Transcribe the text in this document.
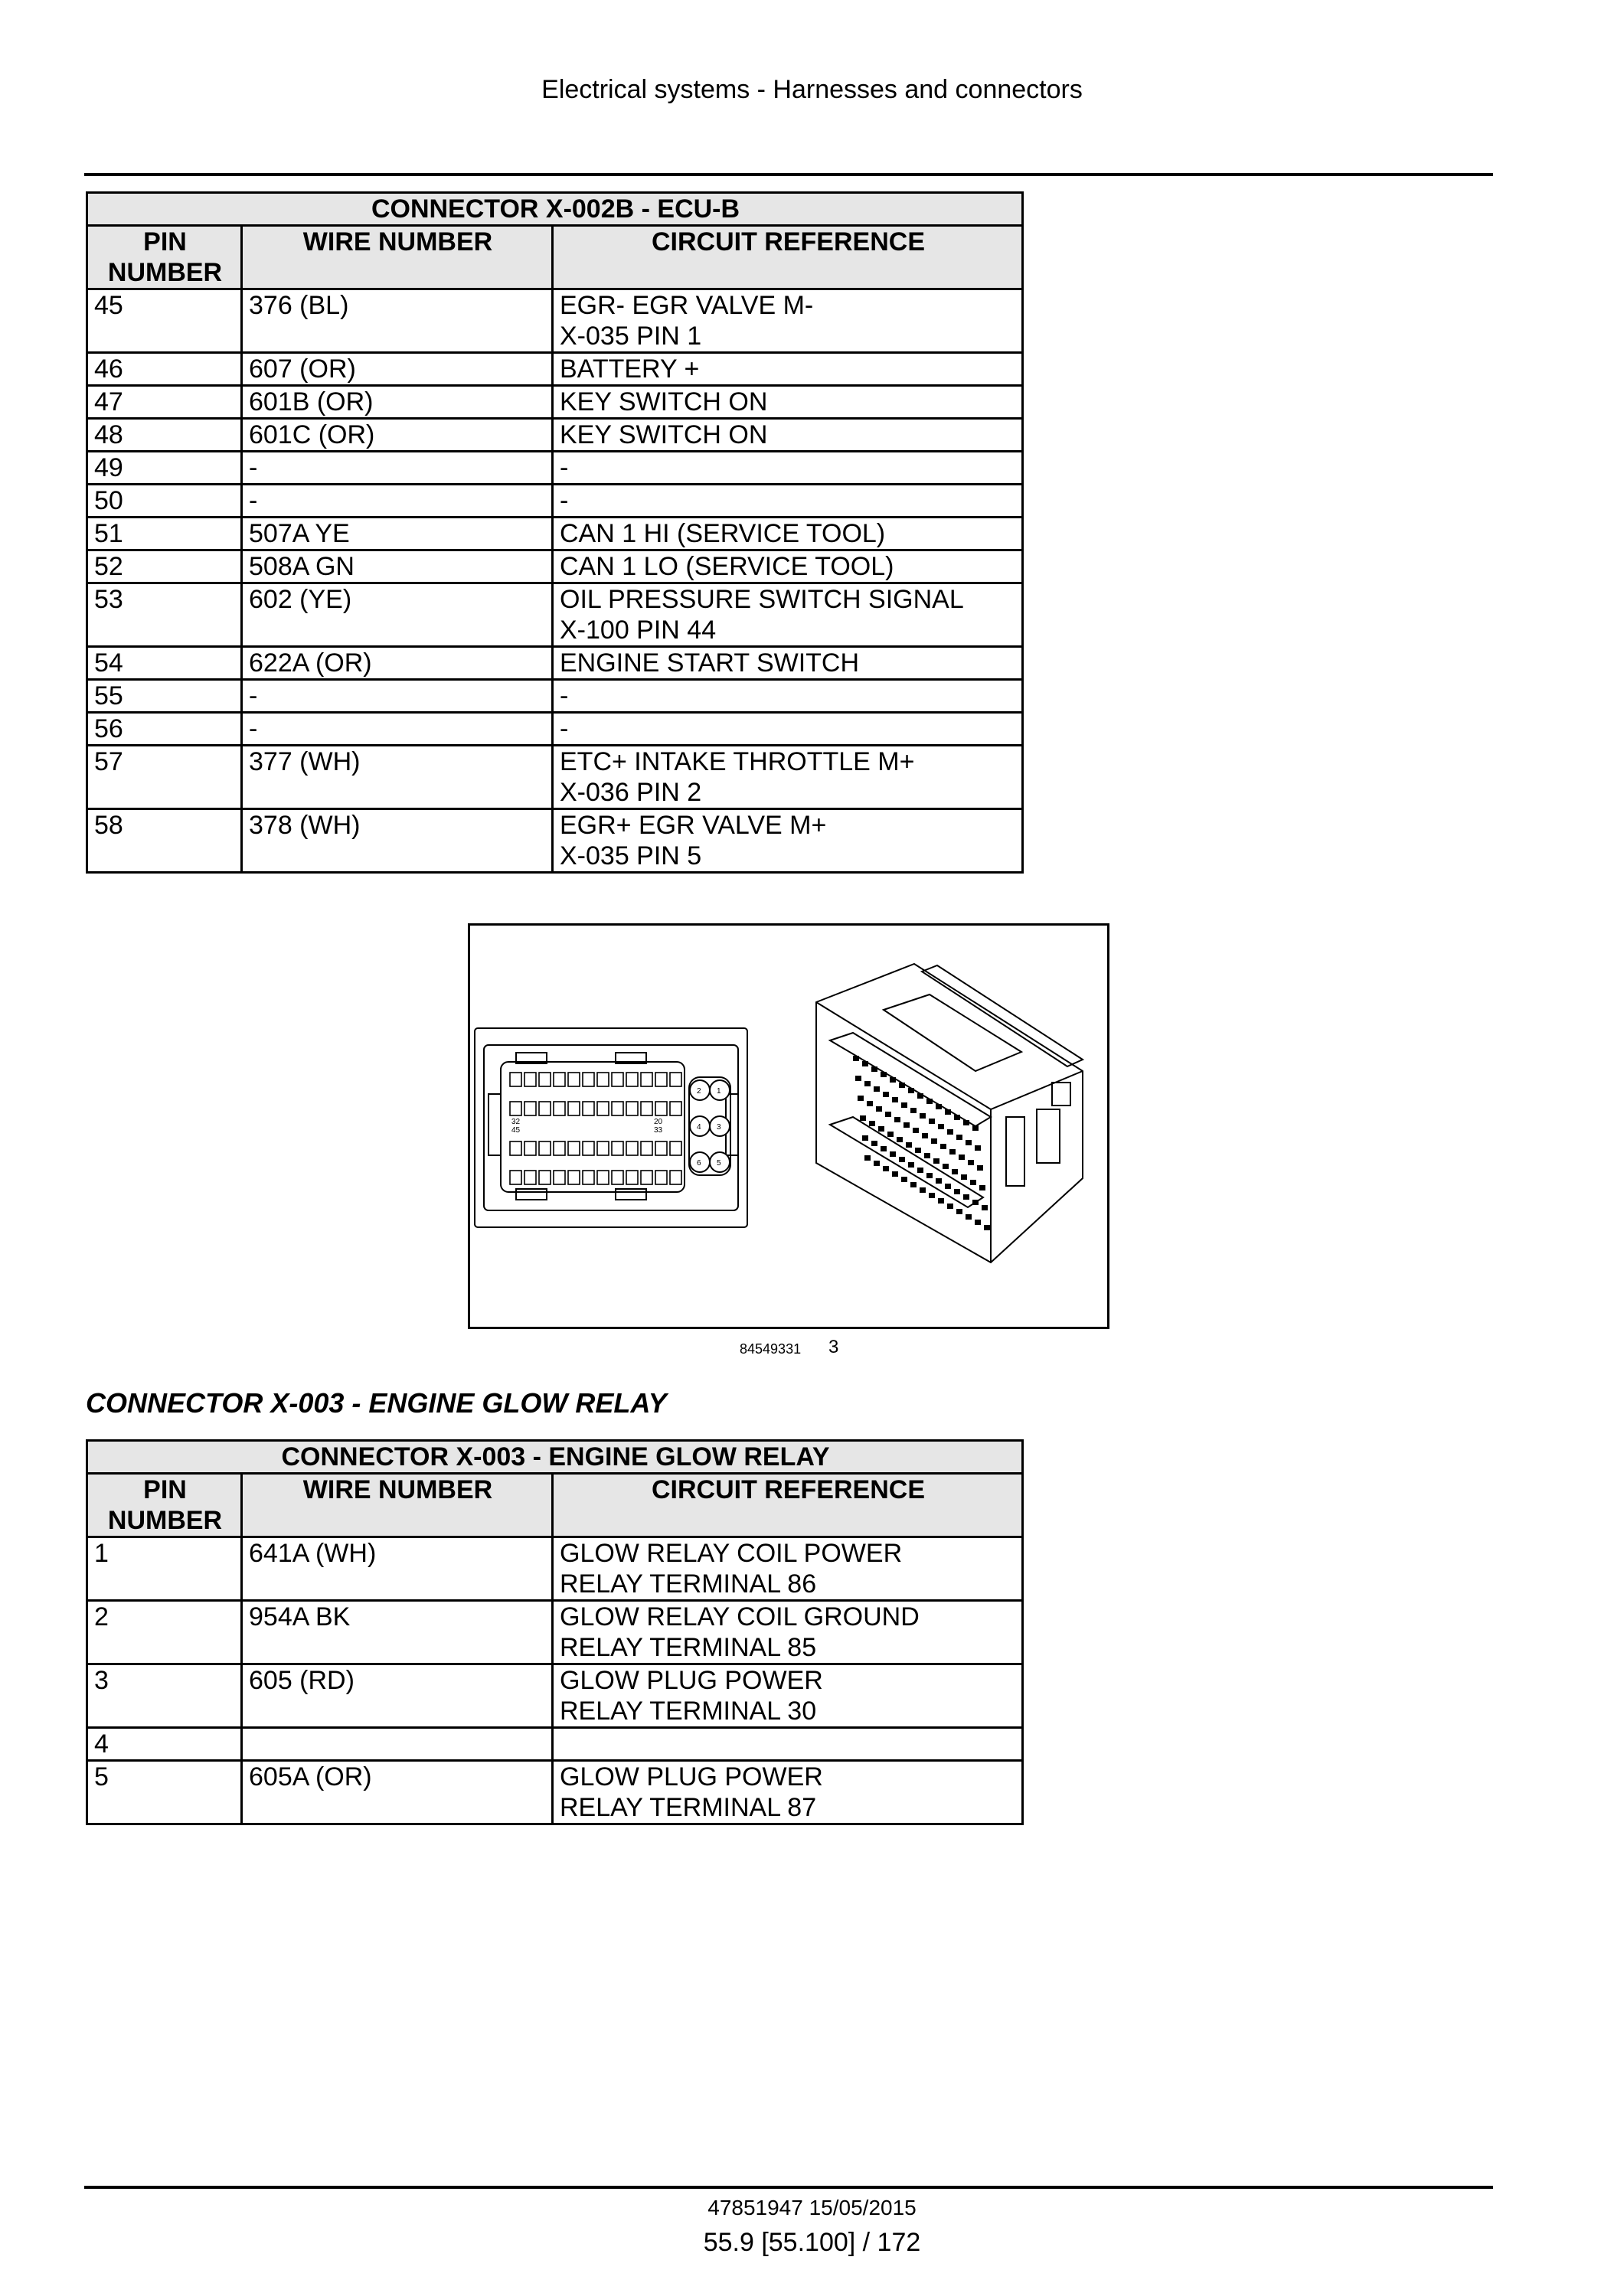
Electrical systems - Harnesses and connectors
CONNECTOR X-002B - ECU-B		
PIN
NUMBER	WIRE NUMBER	CIRCUIT REFERENCE
45	376 (BL)	EGR- EGR VALVE M-
X-035 PIN 1
46	607 (OR)	BATTERY +
47	601B (OR)	KEY SWITCH ON
48	601C (OR)	KEY SWITCH ON
49	-	-
50	-	-
51	507A YE	CAN 1 HI (SERVICE TOOL)
52	508A GN	CAN 1 LO (SERVICE TOOL)
53	602 (YE)	OIL PRESSURE SWITCH SIGNAL
X-100 PIN 44
54	622A (OR)	ENGINE START SWITCH
55	-	-
56	-	-
57	377 (WH)	ETC+ INTAKE THROTTLE M+
X-036 PIN 2
58	378 (WH)	EGR+ EGR VALVE M+
X-035 PIN 5
2 1
4 3
6 5
32
45
20
33
84549331 3
CONNECTOR X-003 - ENGINE GLOW RELAY
CONNECTOR X-003 - ENGINE GLOW RELAY		
PIN
NUMBER	WIRE NUMBER	CIRCUIT REFERENCE
1	641A (WH)	GLOW RELAY COIL POWER
RELAY TERMINAL 86
2	954A BK	GLOW RELAY COIL GROUND
RELAY TERMINAL 85
3	605 (RD)	GLOW PLUG POWER
RELAY TERMINAL 30
4		
5	605A (OR)	GLOW PLUG POWER
RELAY TERMINAL 87
47851947 15/05/2015
55.9 [55.100] / 172
